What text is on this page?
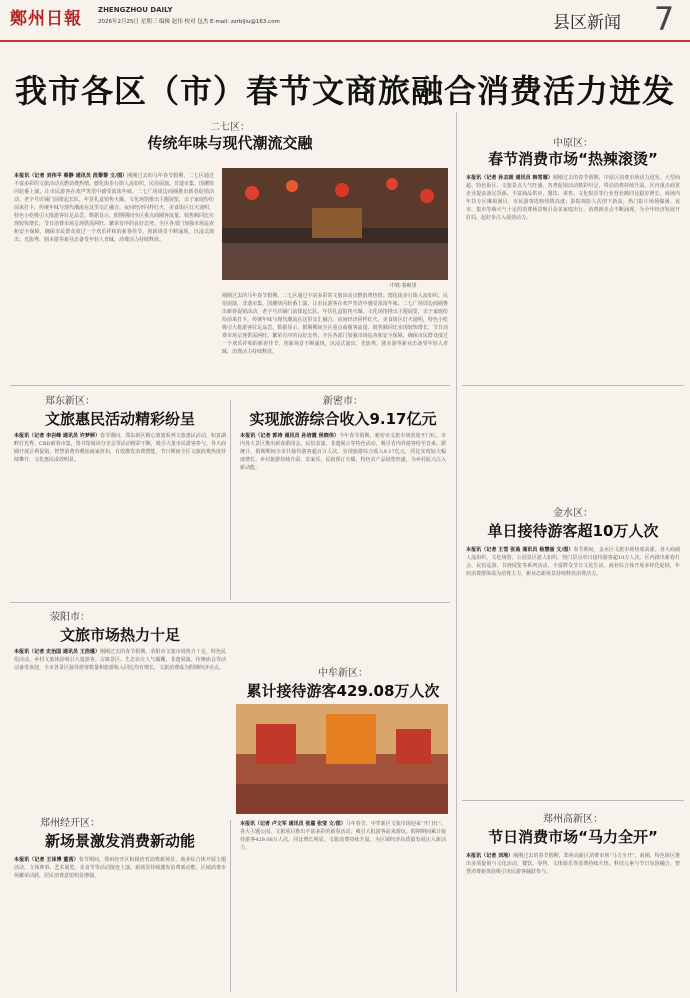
鄭州日報 ZHENGZHOU DAILY
2026年2月25日 星期三 编辑 赵伟 校对 包杰 E-mail: zzrbljiu@163.com	县区新闻	7
我市各区（市）春节文商旅融合消费活力迸发
二七区：
传统年味与现代潮流交融
本报讯（记者 刘伟平 蔡静 通讯员 段黎黎 文/图）刚刚过去的马年春节假期，二七区通过丰富多彩的文旅活动点燃消费热情。德化街步行街人流如织，民俗展演、非遗市集、国潮快闪轮番上演，让市民游客在欢声笑语中感受浓浓年味。二七广场周边商圈推出新春促销活动，老字号店铺门前排起长队，年货礼盒销售火爆。文化场馆推出主题展览，亲子家庭纷纷前来打卡，传统年味与现代潮流在这里交汇融合。夜间经济同样红火，美食街区灯火通明，特色小吃吸引大批游客驻足品尝。数据显示，假期期间全区重点商圈客流量、销售额同比实现较快增长，节日消费市场呈现供需两旺、繁荣有序的良好态势。全区各部门加强市场巡查和安全保障，确保市民群众度过一个欢乐祥和的新春佳节。创新场景不断涌现，沉浸式演出、光影秀、剧本游等新业态备受年轻人青睐，消费活力持续释放。
中铁·春和里
刚刚过去的马年春节假期，二七区通过丰富多彩的文旅活动点燃消费热情。德化街步行街人流如织，民俗展演、非遗市集、国潮快闪轮番上演，让市民游客在欢声笑语中感受浓浓年味。二七广场周边商圈推出新春促销活动，老字号店铺门前排起长队，年货礼盒销售火爆。文化场馆推出主题展览，亲子家庭纷纷前来打卡，传统年味与现代潮流在这里交汇融合。夜间经济同样红火，美食街区灯火通明，特色小吃吸引大批游客驻足品尝。数据显示，假期期间全区重点商圈客流量、销售额同比实现较快增长，节日消费市场呈现供需两旺、繁荣有序的良好态势。全区各部门加强市场巡查和安全保障，确保市民群众度过一个欢乐祥和的新春佳节。创新场景不断涌现，沉浸式演出、光影秀、剧本游等新业态备受年轻人青睐，消费活力持续释放。
中原区：
春节消费市场“热辣滚烫”
本报讯（记者 孙志刚 通讯员 韩雪雁）刚刚过去的春节假期，中原区消费市场活力迸发。大型商超、特色街区、文旅景点人气旺盛，各类促销活动精彩纷呈，带动消费持续升温。区内重点商贸企业提前备足货源，丰富商品供应，餐饮、零售、文化娱乐等行业营业额同比稳步增长。商场内年货专区琳琅满目，市民游客选购热情高涨；影院观影人次创下新高，热门影片场场爆满。夜市、集市等烟火气十足的消费场景吸引众多家庭出行，消费新亮点不断涌现，为全年经济发展开好局、起好步注入强劲动力。
郑东新区：
文旅惠民活动精彩纷呈
本报讯（记者 李岩峰 通讯员 许梦婷）春节期间，郑东新区精心策划系列文旅惠民活动，如意湖畔灯光秀、CBD新春市集、图书馆阅读分享会等活动精彩不断，吸引大量市民游客参与。各大商圈开展让利促销，智慧消费券叠加商家折扣，有效激发消费潜能。节日期间全区文旅消费热度持续攀升，文化惠民成效明显。
新密市：
实现旅游综合收入9.17亿元
本报讯（记者 郭涛 通讯员 孙培霞 侯晓伟）今年春节假期，新密市文旅市场喜迎开门红。市内各大景区推出新春游园会、民俗表演、非遗展示等特色活动，吸引省内外游客纷至沓来。据统计，假期期间全市共接待游客超百万人次，实现旅游综合收入9.17亿元，同比实现较大幅度增长。乡村旅游持续升温，农家乐、民宿预订火爆，特色农产品销售旺盛，为乡村振兴注入新动能。
金水区：
单日接待游客超10万人次
本报讯（记者 王雪 张盈 通讯员 杨慧丽 文/图）春节期间，金水区文旅市场热度高涨。各大商圈人流如织，文化场馆、公园景区游人如织，热门景点单日接待游客超10万人次。区内推出新春灯会、民俗巡游、书画展览等系列活动，丰富群众节日文化生活。商业综合体开展多样化促销，年轻消费群体成为消费主力，新业态新场景持续释放消费活力。
荥阳市：
文旅市场热力十足
本报讯（记者 史治国 通讯员 王浩瑾）刚刚过去的春节假期，荥阳市文旅市场热力十足，特色民俗活动、乡村文旅体验吸引大量游客。古镇景区、生态农庄人气爆棚，非遗展演、传统庙会等活动备受欢迎。全市各景区接待游客数量和旅游收入同比均有增长，文旅消费成为假期经济亮点。	中牟新区：
累计接待游客429.08万人次
本报讯（记者 卢文军 通讯员 张嘉 张莹 文/图）马年春节，中牟新区文旅市场迎来“开门红”。各大主题公园、文旅项目推出丰富多彩的新春活动，吸引大批游客前来游玩。假期期间累计接待游客429.08万人次，同比增长明显，文旅消费持续升温，为区域经济高质量发展注入新活力。
郑州经开区：
新场景激发消费新动能
本报讯（记者 王译博 董茜）春节期间，郑州经开区积极培育消费新场景，商业综合体开展主题活动，文体赛事、艺术展览、美食节等活动接连上演。新场景持续激发消费新动能，区域消费市场繁荣活跃，居民消费意愿明显增强。
郑州高新区：
节日消费市场“马力全开”
本报讯（记者 刘地）刚刚过去的春节假期，郑州高新区消费市场“马力全开”。商圈、特色街区推出多项促销与文化活动，餐饮、零售、文体娱乐等消费持续火热。科技元素与节日氛围融合，智慧消费新体验吸引市民游客踊跃参与。
